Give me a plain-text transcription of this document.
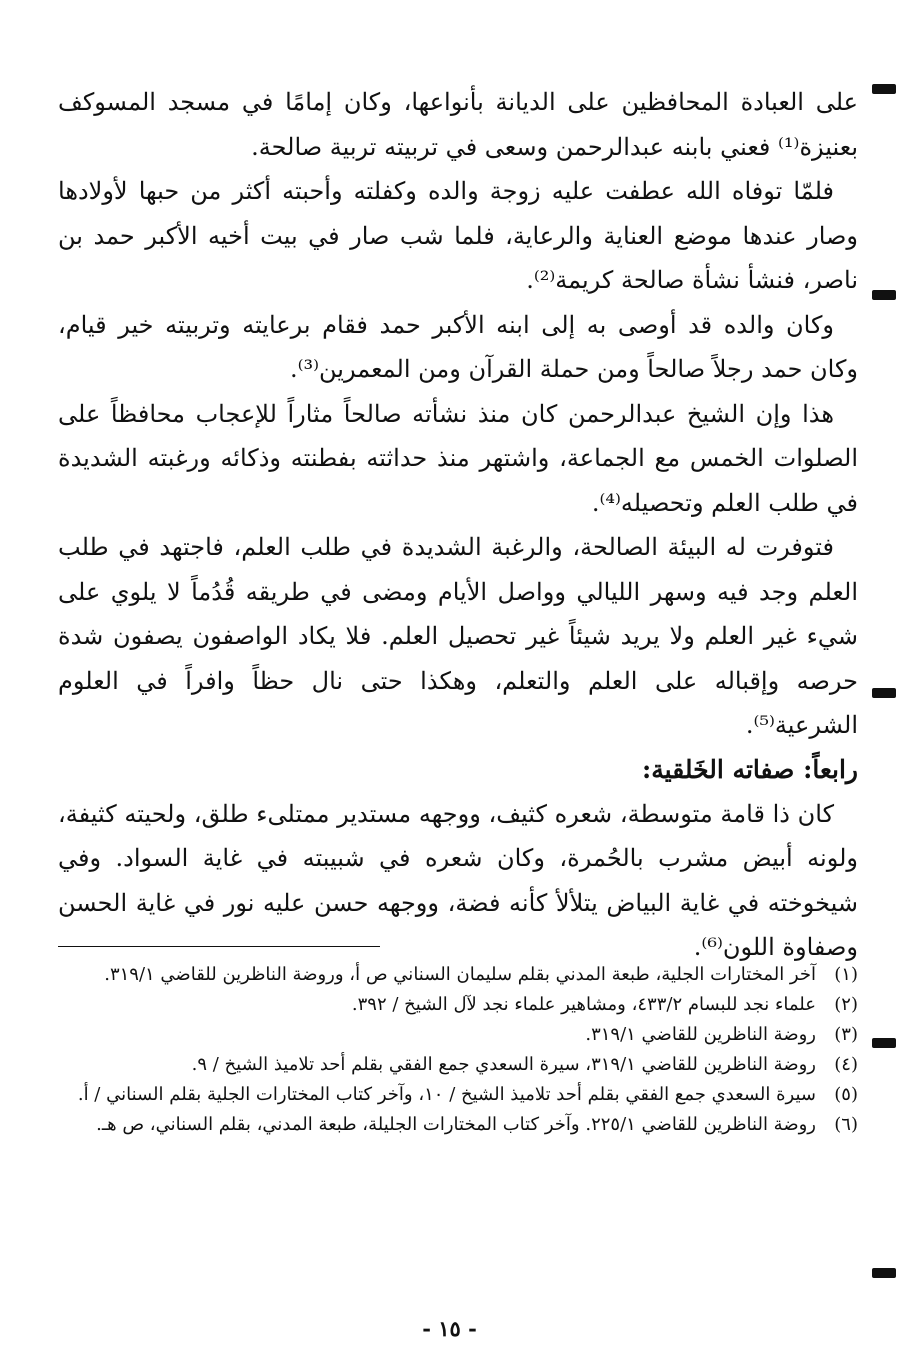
على العبادة المحافظين على الديانة بأنواعها، وكان إمامًا في مسجد المسوكف بعنيزة⁽¹⁾ فعني بابنه عبدالرحمن وسعى في تربيته تربية صالحة.

فلمّا توفاه الله عطفت عليه زوجة والده وكفلته وأحبته أكثر من حبها لأولادها وصار عندها موضع العناية والرعاية، فلما شب صار في بيت أخيه الأكبر حمد بن ناصر، فنشأ نشأة صالحة كريمة⁽²⁾.

وكان والده قد أوصى به إلى ابنه الأكبر حمد فقام برعايته وتربيته خير قيام، وكان حمد رجلاً صالحاً ومن حملة القرآن ومن المعمرين⁽³⁾.

هذا وإن الشيخ عبدالرحمن كان منذ نشأته صالحاً مثاراً للإعجاب محافظاً على الصلوات الخمس مع الجماعة، واشتهر منذ حداثته بفطنته وذكائه ورغبته الشديدة في طلب العلم وتحصيله⁽⁴⁾.

فتوفرت له البيئة الصالحة، والرغبة الشديدة في طلب العلم، فاجتهد في طلب العلم وجد فيه وسهر الليالي وواصل الأيام ومضى في طريقه قُدُماً لا يلوي على شيء غير العلم ولا يريد شيئاً غير تحصيل العلم. فلا يكاد الواصفون يصفون شدة حرصه وإقباله على العلم والتعلم، وهكذا حتى نال حظاً وافراً في العلوم الشرعية⁽⁵⁾.

رابعاً: صفاته الخَلقية:

كان ذا قامة متوسطة، شعره كثيف، ووجهه مستدير ممتلىء طلق، ولحيته كثيفة، ولونه أبيض مشرب بالحُمرة، وكان شعره في شبيبته في غاية السواد. وفي شيخوخته في غاية البياض يتلألأ كأنه فضة، ووجهه حسن عليه نور في غاية الحسن وصفاوة اللون⁽⁶⁾.

(١)
آخر المختارات الجلية، طبعة المدني بقلم سليمان السناني ص أ، وروضة الناظرين للقاضي ٣١٩/١.
(٢)
علماء نجد للبسام ٤٣٣/٢، ومشاهير علماء نجد لآل الشيخ / ٣٩٢.
(٣)
روضة الناظرين للقاضي ٣١٩/١.
(٤)
روضة الناظرين للقاضي ٣١٩/١، سيرة السعدي جمع الفقي بقلم أحد تلاميذ الشيخ / ٩.
(٥)
سيرة السعدي جمع الفقي بقلم أحد تلاميذ الشيخ / ١٠، وآخر كتاب المختارات الجلية بقلم السناني / أ.
(٦)
روضة الناظرين للقاضي ٢٢٥/١. وآخر كتاب المختارات الجليلة، طبعة المدني، بقلم السناني، ص هـ.
- ١٥ -
